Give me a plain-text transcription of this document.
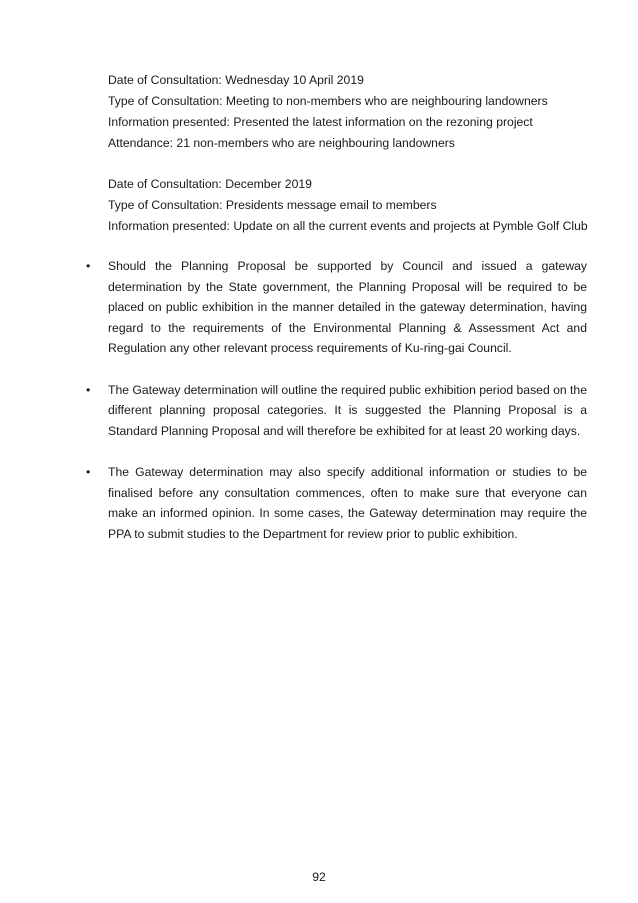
Date of Consultation: Wednesday 10 April 2019
Type of Consultation: Meeting to non-members who are neighbouring landowners
Information presented: Presented the latest information on the rezoning project
Attendance: 21 non-members who are neighbouring landowners
Date of Consultation: December 2019
Type of Consultation: Presidents message email to members
Information presented: Update on all the current events and projects at Pymble Golf Club
• Should the Planning Proposal be supported by Council and issued a gateway determination by the State government, the Planning Proposal will be required to be placed on public exhibition in the manner detailed in the gateway determination, having regard to the requirements of the Environmental Planning & Assessment Act and Regulation any other relevant process requirements of Ku-ring-gai Council.
• The Gateway determination will outline the required public exhibition period based on the different planning proposal categories. It is suggested the Planning Proposal is a Standard Planning Proposal and will therefore be exhibited for at least 20 working days.
• The Gateway determination may also specify additional information or studies to be finalised before any consultation commences, often to make sure that everyone can make an informed opinion. In some cases, the Gateway determination may require the PPA to submit studies to the Department for review prior to public exhibition.
92
